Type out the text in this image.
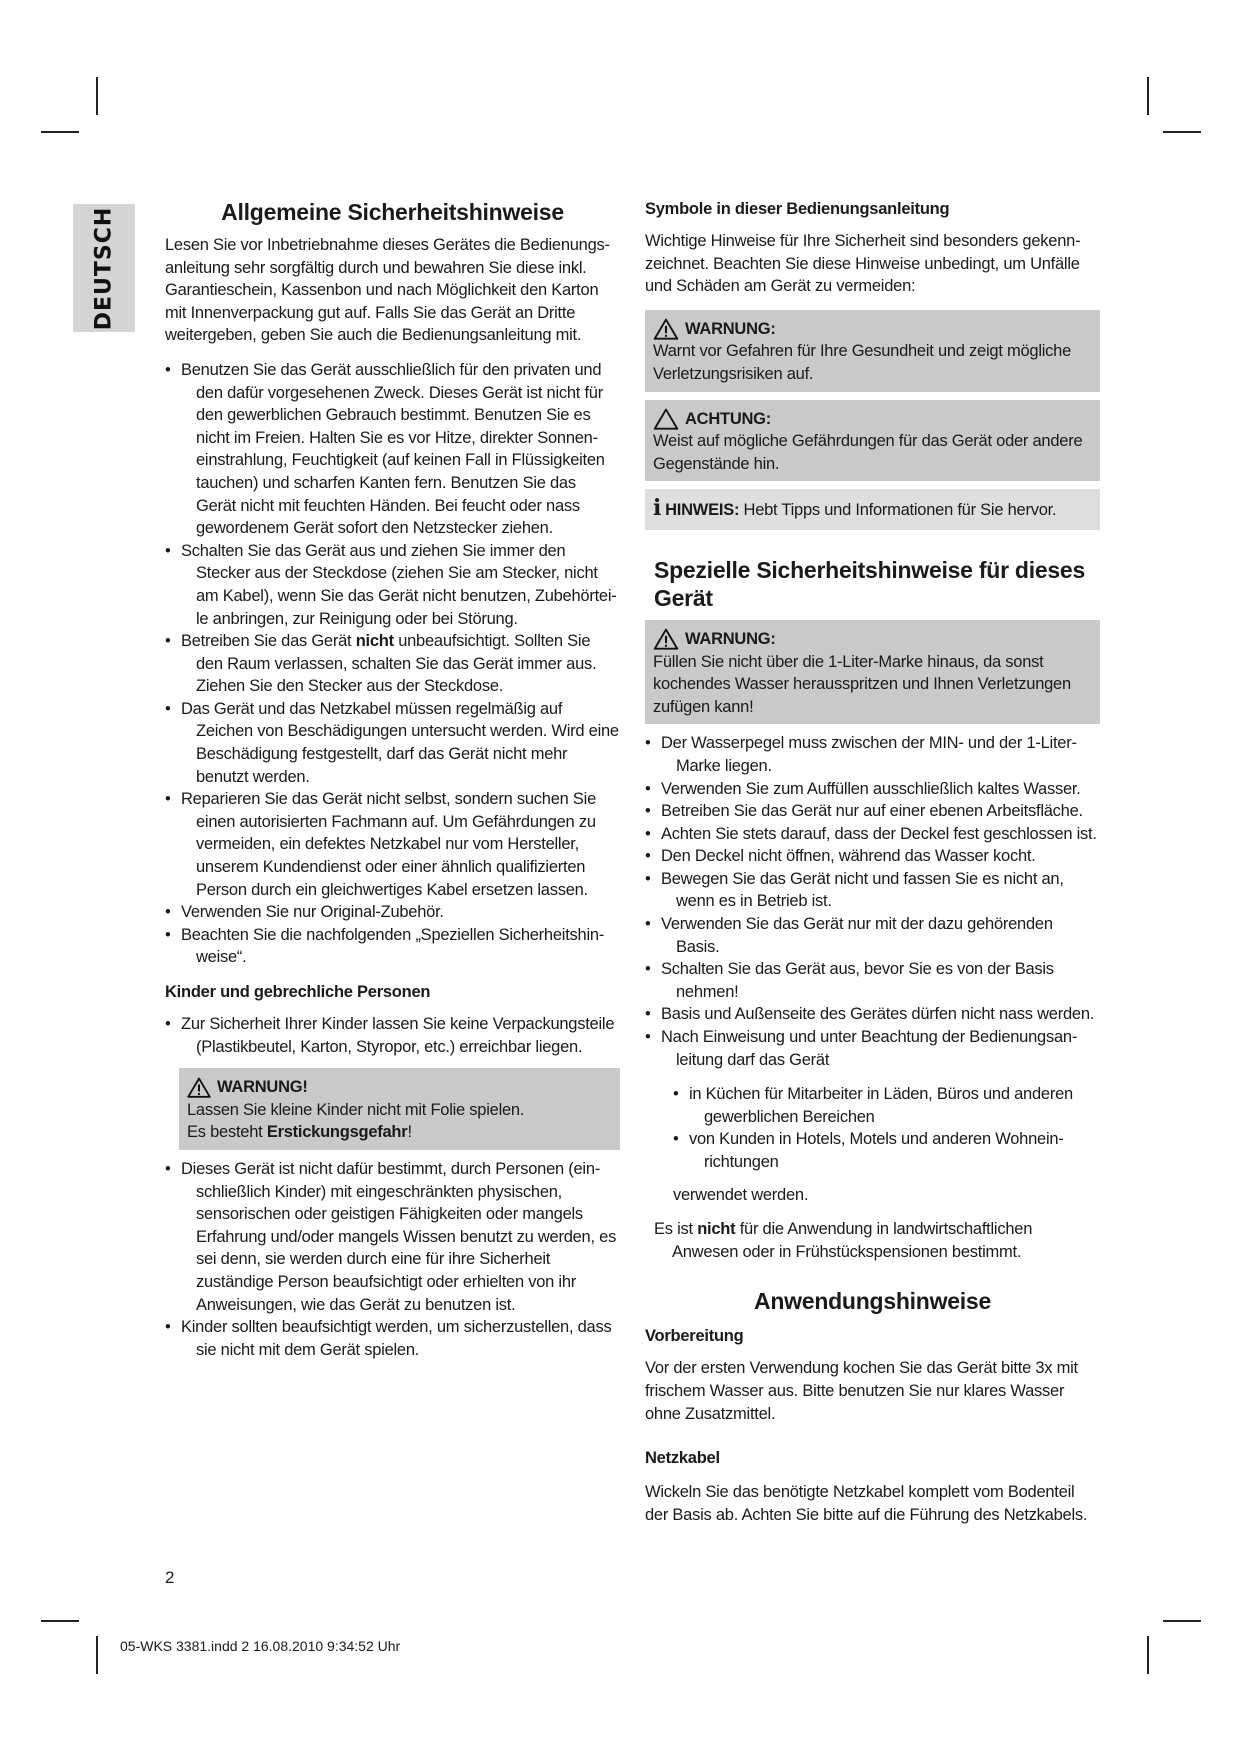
DEUTSCH	Allgemeine Sicherheitshinweise

Lesen Sie vor Inbetriebnahme dieses Gerätes die Bedienungsanleitung sehr sorgfältig durch und bewahren Sie diese inkl. Garantieschein, Kassenbon und nach Möglichkeit den Karton mit Innenverpackung gut auf. Falls Sie das Gerät an Dritte weitergeben, geben Sie auch die Bedienungsanleitung mit.

• Benutzen Sie das Gerät ausschließlich für den privaten und den dafür vorgesehenen Zweck. Dieses Gerät ist nicht für den gewerblichen Gebrauch bestimmt. Benutzen Sie es nicht im Freien. Halten Sie es vor Hitze, direkter Sonneneinstrahlung, Feuchtigkeit (auf keinen Fall in Flüssigkeiten tauchen) und scharfen Kanten fern. Benutzen Sie das Gerät nicht mit feuchten Händen. Bei feucht oder nass gewordenem Gerät sofort den Netzstecker ziehen.
• Schalten Sie das Gerät aus und ziehen Sie immer den Stecker aus der Steckdose (ziehen Sie am Stecker, nicht am Kabel), wenn Sie das Gerät nicht benutzen, Zubehörteile anbringen, zur Reinigung oder bei Störung.
• Betreiben Sie das Gerät nicht unbeaufsichtigt. Sollten Sie den Raum verlassen, schalten Sie das Gerät immer aus. Ziehen Sie den Stecker aus der Steckdose.
• Das Gerät und das Netzkabel müssen regelmäßig auf Zeichen von Beschädigungen untersucht werden. Wird eine Beschädigung festgestellt, darf das Gerät nicht mehr benutzt werden.
• Reparieren Sie das Gerät nicht selbst, sondern suchen Sie einen autorisierten Fachmann auf. Um Gefährdungen zu vermeiden, ein defektes Netzkabel nur vom Hersteller, unserem Kundendienst oder einer ähnlich qualifizierten Person durch ein gleichwertiges Kabel ersetzen lassen.
• Verwenden Sie nur Original-Zubehör.
• Beachten Sie die nachfolgenden „Speziellen Sicherheitshinweise“.
Kinder und gebrechliche Personen
• Zur Sicherheit Ihrer Kinder lassen Sie keine Verpackungsteile (Plastikbeutel, Karton, Styropor, etc.) erreichbar liegen.
WARNUNG!
Lassen Sie kleine Kinder nicht mit Folie spielen.
Es besteht Erstickungsgefahr!
• Dieses Gerät ist nicht dafür bestimmt, durch Personen (einschließlich Kinder) mit eingeschränkten physischen, sensorischen oder geistigen Fähigkeiten oder mangels Erfahrung und/oder mangels Wissen benutzt zu werden, es sei denn, sie werden durch eine für ihre Sicherheit zuständige Person beaufsichtigt oder erhielten von ihr Anweisungen, wie das Gerät zu benutzen ist.
• Kinder sollten beaufsichtigt werden, um sicherzustellen, dass sie nicht mit dem Gerät spielen.
Symbole in dieser Bedienungsanleitung

Wichtige Hinweise für Ihre Sicherheit sind besonders gekennzeichnet. Beachten Sie diese Hinweise unbedingt, um Unfälle und Schäden am Gerät zu vermeiden:

WARNUNG:
Warnt vor Gefahren für Ihre Gesundheit und zeigt mögliche Verletzungsrisiken auf.
ACHTUNG:
Weist auf mögliche Gefährdungen für das Gerät oder andere Gegenstände hin.
i HINWEIS: Hebt Tipps und Informationen für Sie hervor.
Spezielle Sicherheitshinweise für dieses Gerät
WARNUNG:
Füllen Sie nicht über die 1-Liter-Marke hinaus, da sonst kochendes Wasser herausspritzen und Ihnen Verletzungen zufügen kann!
• Der Wasserpegel muss zwischen der MIN- und der 1-Liter-Marke liegen.
• Verwenden Sie zum Auffüllen ausschließlich kaltes Wasser.
• Betreiben Sie das Gerät nur auf einer ebenen Arbeitsfläche.
• Achten Sie stets darauf, dass der Deckel fest geschlossen ist.
• Den Deckel nicht öffnen, während das Wasser kocht.
• Bewegen Sie das Gerät nicht und fassen Sie es nicht an, wenn es in Betrieb ist.
• Verwenden Sie das Gerät nur mit der dazu gehörenden Basis.
• Schalten Sie das Gerät aus, bevor Sie es von der Basis nehmen!
• Basis und Außenseite des Gerätes dürfen nicht nass werden.
• Nach Einweisung und unter Beachtung der Bedienungsanleitung darf das Gerät
• in Küchen für Mitarbeiter in Läden, Büros und anderen gewerblichen Bereichen
• von Kunden in Hotels, Motels und anderen Wohneinrichtungen

verwendet werden.

Es ist nicht für die Anwendung in landwirtschaftlichen Anwesen oder in Frühstückspensionen bestimmt.

Anwendungshinweise
Vorbereitung

Vor der ersten Verwendung kochen Sie das Gerät bitte 3x mit frischem Wasser aus. Bitte benutzen Sie nur klares Wasser ohne Zusatzmittel.

Netzkabel

Wickeln Sie das benötigte Netzkabel komplett vom Bodenteil der Basis ab. Achten Sie bitte auf die Führung des Netzkabels.

2
05-WKS 3381.indd 2 16.08.2010 9:34:52 Uhr
